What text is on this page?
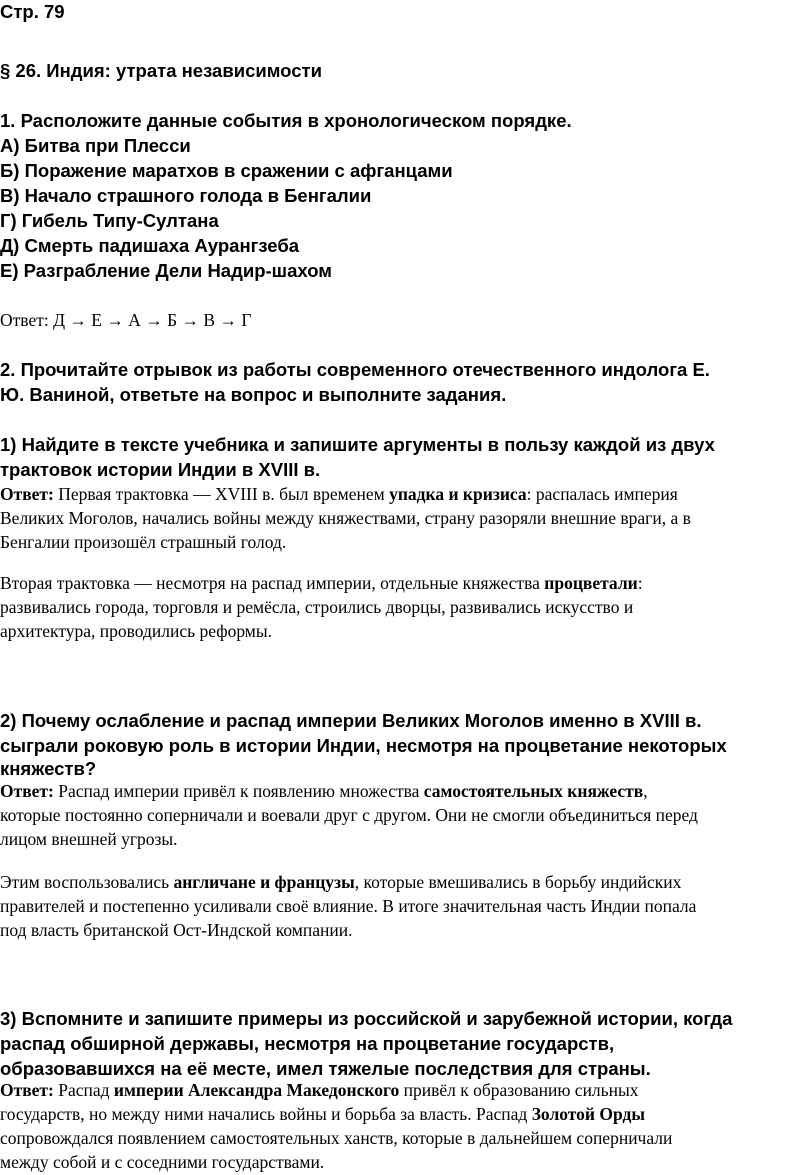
Стр. 79
§ 26. Индия: утрата независимости
1. Расположите данные события в хронологическом порядке.
А) Битва при Плесси
Б) Поражение маратхов в сражении с афганцами
В) Начало страшного голода в Бенгалии
Г) Гибель Типу-Султана
Д) Смерть падишаха Аурангзеба
Е) Разграбление Дели Надир-шахом
Ответ: Д → Е → А → Б → В → Г
2. Прочитайте отрывок из работы современного отечественного индолога Е.
Ю. Ваниной, ответьте на вопрос и выполните задания.
1) Найдите в тексте учебника и запишите аргументы в пользу каждой из двух
трактовок истории Индии в XVIII в.
Ответ: Первая трактовка — XVIII в. был временем упадка и кризиса: распалась империя
Великих Моголов, начались войны между княжествами, страну разоряли внешние враги, а в
Бенгалии произошёл страшный голод.
Вторая трактовка — несмотря на распад империи, отдельные княжества процветали:
развивались города, торговля и ремёсла, строились дворцы, развивались искусство и
архитектура, проводились реформы.
2) Почему ослабление и распад империи Великих Моголов именно в XVIII в.
сыграли роковую роль в истории Индии, несмотря на процветание некоторых
княжеств?
Ответ: Распад империи привёл к появлению множества самостоятельных княжеств,
которые постоянно соперничали и воевали друг с другом. Они не смогли объединиться перед
лицом внешней угрозы.
Этим воспользовались англичане и французы, которые вмешивались в борьбу индийских
правителей и постепенно усиливали своё влияние. В итоге значительная часть Индии попала
под власть британской Ост-Индской компании.
3) Вспомните и запишите примеры из российской и зарубежной истории, когда
распад обширной державы, несмотря на процветание государств,
образовавшихся на её месте, имел тяжелые последствия для страны.
Ответ: Распад империи Александра Македонского привёл к образованию сильных
государств, но между ними начались войны и борьба за власть. Распад Золотой Орды
сопровождался появлением самостоятельных ханств, которые в дальнейшем соперничали
между собой и с соседними государствами.
